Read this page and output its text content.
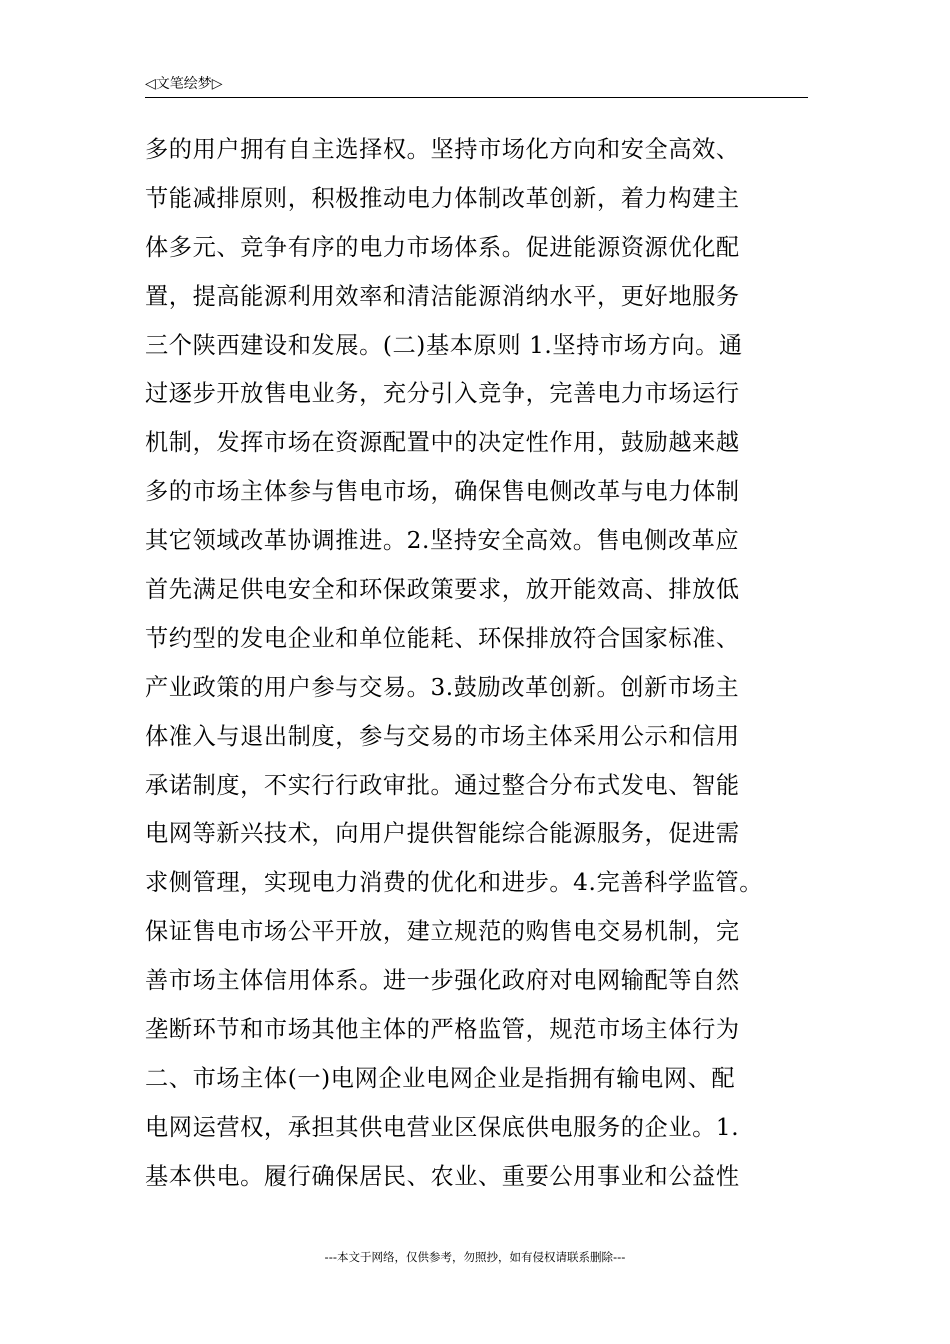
◁文笔绘梦▷
多的用户拥有自主选择权。坚持市场化方向和安全高效、
节能减排原则，积极推动电力体制改革创新，着力构建主
体多元、竞争有序的电力市场体系。促进能源资源优化配
置，提高能源利用效率和清洁能源消纳水平，更好地服务
三个陕西建设和发展。(二)基本原则 1.坚持市场方向。通
过逐步开放售电业务，充分引入竞争，完善电力市场运行
机制，发挥市场在资源配置中的决定性作用，鼓励越来越
多的市场主体参与售电市场，确保售电侧改革与电力体制
其它领域改革协调推进。2.坚持安全高效。售电侧改革应
首先满足供电安全和环保政策要求，放开能效高、排放低
节约型的发电企业和单位能耗、环保排放符合国家标准、
产业政策的用户参与交易。3.鼓励改革创新。创新市场主
体准入与退出制度，参与交易的市场主体采用公示和信用
承诺制度，不实行行政审批。通过整合分布式发电、智能
电网等新兴技术，向用户提供智能综合能源服务，促进需
求侧管理，实现电力消费的优化和进步。4.完善科学监管。
保证售电市场公平开放，建立规范的购售电交易机制，完
善市场主体信用体系。进一步强化政府对电网输配等自然
垄断环节和市场其他主体的严格监管，规范市场主体行为
二、市场主体(一)电网企业电网企业是指拥有输电网、配
电网运营权，承担其供电营业区保底供电服务的企业。1.
基本供电。履行确保居民、农业、重要公用事业和公益性
---本文于网络，仅供参考，勿照抄，如有侵权请联系删除---
